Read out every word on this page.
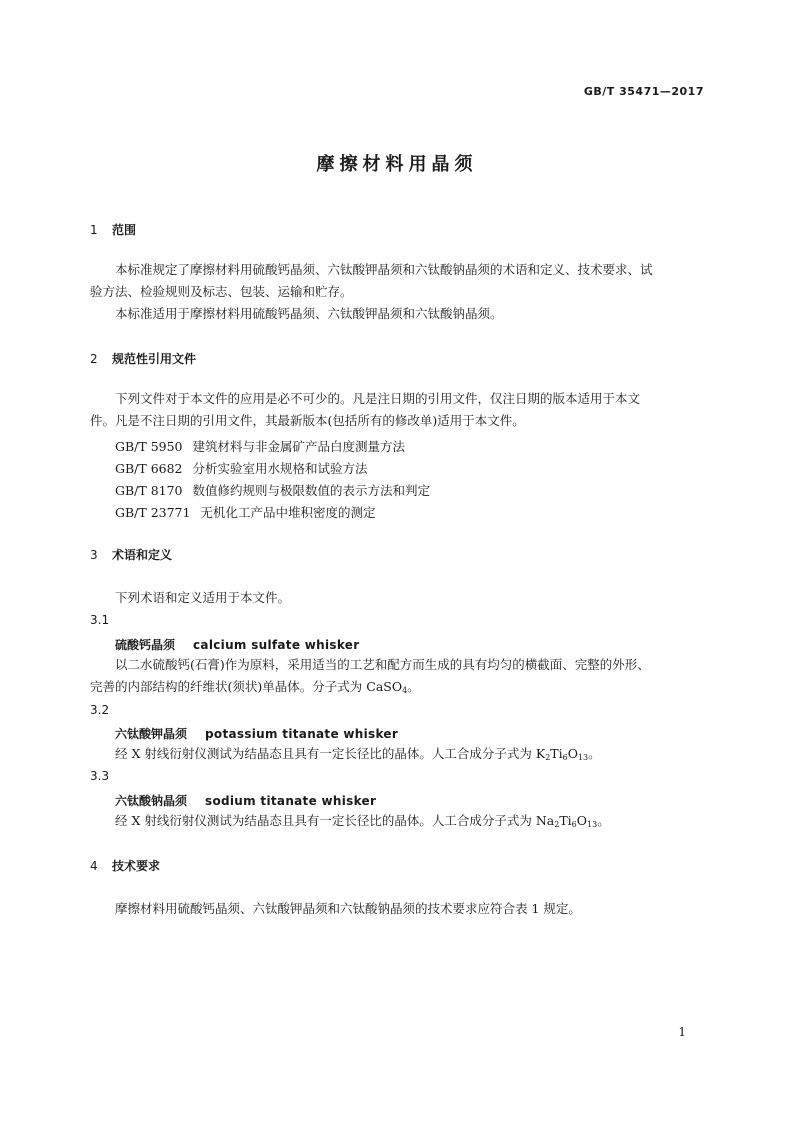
GB/T 35471—2017
摩擦材料用晶须
1 范围
本标准规定了摩擦材料用硫酸钙晶须、六钛酸钾晶须和六钛酸钠晶须的术语和定义、技术要求、试
验方法、检验规则及标志、包装、运输和贮存。
本标准适用于摩擦材料用硫酸钙晶须、六钛酸钾晶须和六钛酸钠晶须。
2 规范性引用文件
下列文件对于本文件的应用是必不可少的。凡是注日期的引用文件，仅注日期的版本适用于本文
件。凡是不注日期的引用文件，其最新版本(包括所有的修改单)适用于本文件。
GB/T 5950 建筑材料与非金属矿产品白度测量方法
GB/T 6682 分析实验室用水规格和试验方法
GB/T 8170 数值修约规则与极限数值的表示方法和判定
GB/T 23771 无机化工产品中堆积密度的测定
3 术语和定义
下列术语和定义适用于本文件。
3.1
硫酸钙晶须 calcium sulfate whisker
以二水硫酸钙(石膏)作为原料，采用适当的工艺和配方而生成的具有均匀的横截面、完整的外形、
完善的内部结构的纤维状(须状)单晶体。分子式为 CaSO$_4$。
3.2
六钛酸钾晶须 potassium titanate whisker
经 X 射线衍射仪测试为结晶态且具有一定长径比的晶体。人工合成分子式为 $K_2Ti_6O_{13}$。
3.3
六钛酸钠晶须 sodium titanate whisker
经 X 射线衍射仪测试为结晶态且具有一定长径比的晶体。人工合成分子式为 $Na_2Ti_6O_{13}$。
4 技术要求
摩擦材料用硫酸钙晶须、六钛酸钾晶须和六钛酸钠晶须的技术要求应符合表 1 规定。
1
